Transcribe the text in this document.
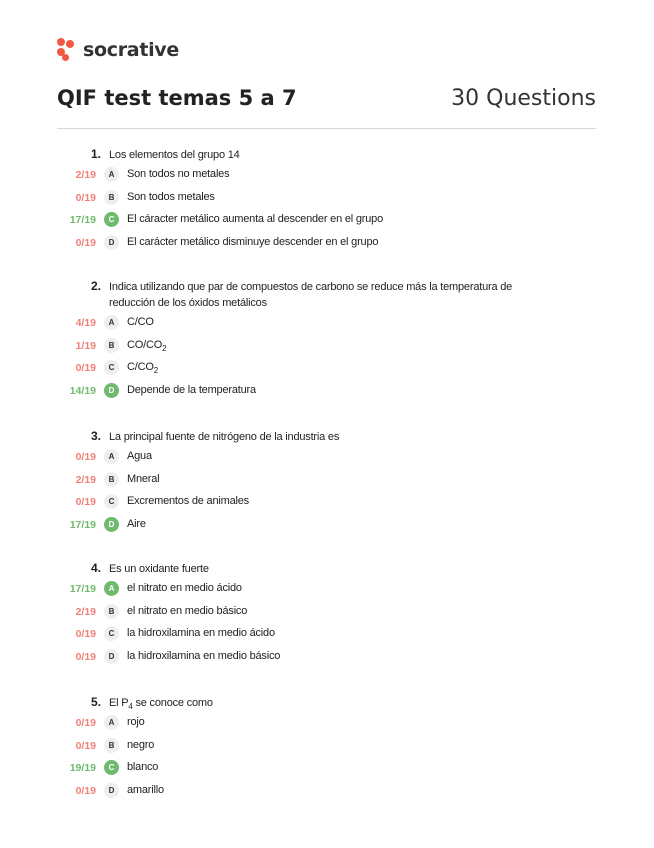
socrative
QIF test temas 5 a 7	30 Questions
1. Los elementos del grupo 14
2/19	A	Son todos no metales
0/19	B	Son todos metales
17/19	C	El cáracter metálico aumenta al descender en el grupo
0/19	D	El carácter metálico disminuye descender en el grupo
2. Indica utilizando que par de compuestos de carbono se reduce más la temperatura de reducción de los óxidos metálicos
4/19	A	C/CO
1/19	B	$CO/CO_2$
0/19	C	$C/CO_2$
14/19	D	Depende de la temperatura
3. La principal fuente de nitrógeno de la industria es
0/19	A	Agua
2/19	B	Mneral
0/19	C	Excrementos de animales
17/19	D	Aire
4. Es un oxidante fuerte
17/19	A	el nitrato en medio ácido
2/19	B	el nitrato en medio básico
0/19	C	la hidroxilamina en medio ácido
0/19	D	la hidroxilamina en medio básico
5. El $P_4$ se conoce como
0/19	A	rojo
0/19	B	negro
19/19	C	blanco
0/19	D	amarillo
